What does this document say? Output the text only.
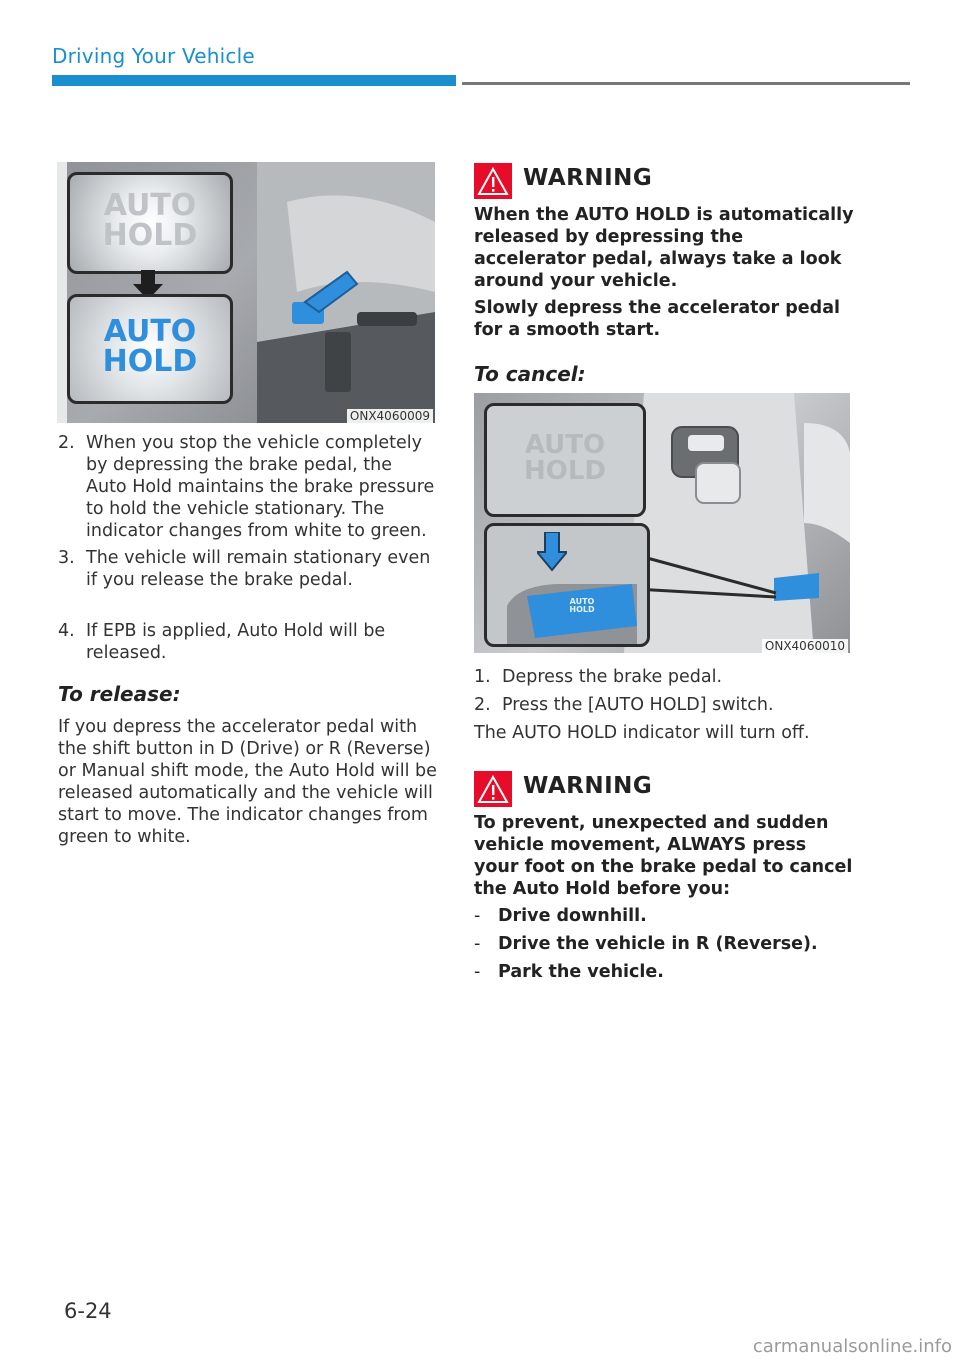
Driving Your Vehicle
AUTO
HOLD
AUTO
HOLD
ONX4060009
2. When you stop the vehicle completely by depressing the brake pedal, the Auto Hold maintains the brake pressure to hold the vehicle stationary. The indicator changes from white to green.
3. The vehicle will remain stationary even if you release the brake pedal.
4. If EPB is applied, Auto Hold will be released.
To release:
If you depress the accelerator pedal with the shift button in D (Drive) or R (Reverse) or Manual shift mode, the Auto Hold will be released automatically and the vehicle will start to move. The indicator changes from green to white.
WARNING
When the AUTO HOLD is automatically released by depressing the accelerator pedal, always take a look around your vehicle.
Slowly depress the accelerator pedal for a smooth start.
To cancel:
AUTO
HOLD
AUTO
HOLD
ONX4060010
1. Depress the brake pedal.
2. Press the [AUTO HOLD] switch.
The AUTO HOLD indicator will turn off.
WARNING
To prevent, unexpected and sudden vehicle movement, ALWAYS press your foot on the brake pedal to cancel the Auto Hold before you:
-	Drive downhill.
-	Drive the vehicle in R (Reverse).
-	Park the vehicle.
6-24
carmanualsonline.info
